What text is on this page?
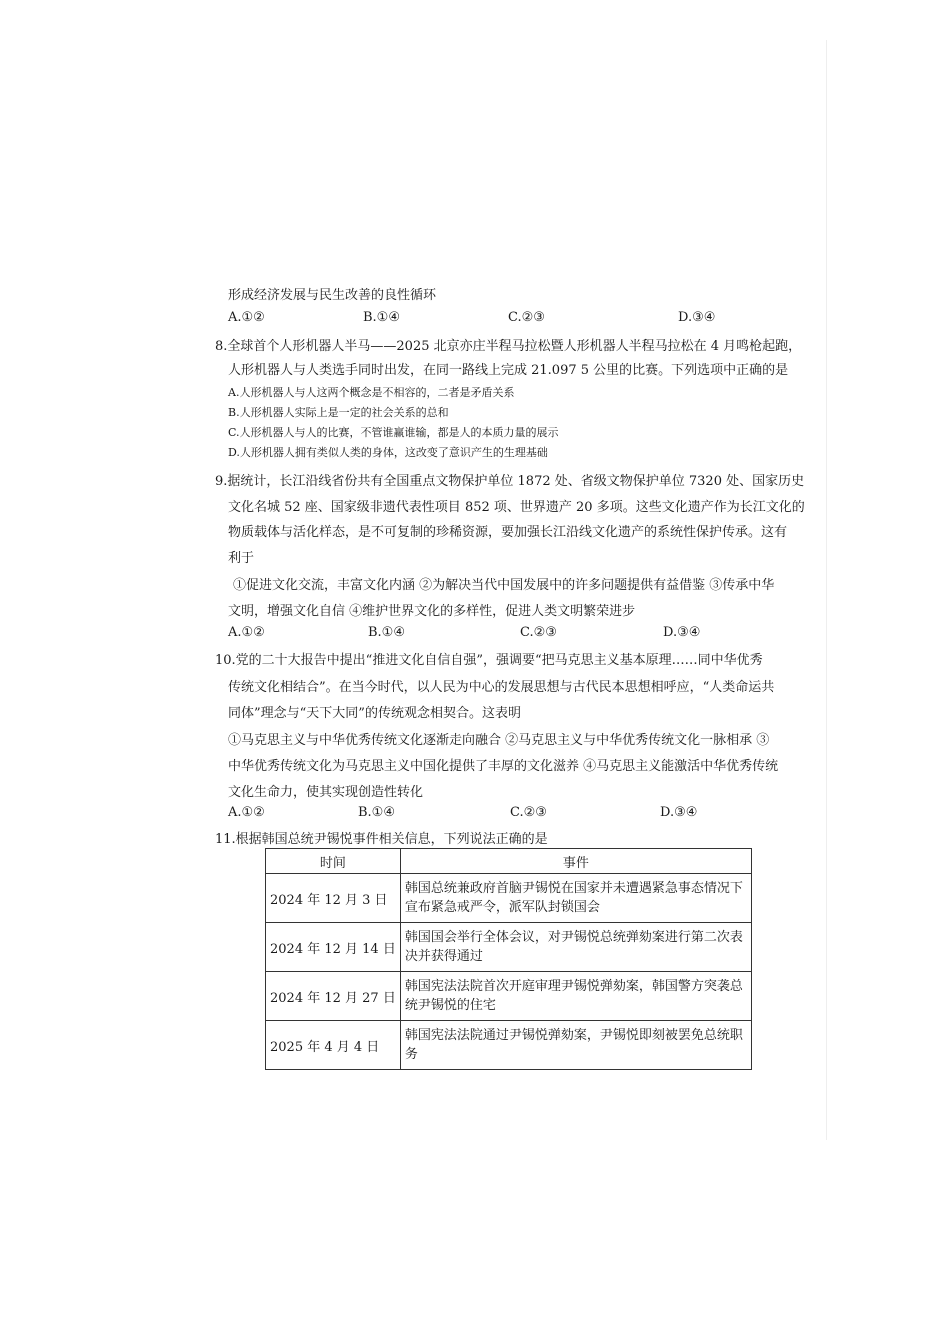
形成经济发展与民生改善的良性循环
A.①②	B.①④	C.②③	D.③④
8.全球首个人形机器人半马——2025 北京亦庄半程马拉松暨人形机器人半程马拉松在 4 月鸣枪起跑，
人形机器人与人类选手同时出发，在同一路线上完成 21.097 5 公里的比赛。下列选项中正确的是
A.人形机器人与人这两个概念是不相容的，二者是矛盾关系
B.人形机器人实际上是一定的社会关系的总和
C.人形机器人与人的比赛，不管谁赢谁输，都是人的本质力量的展示
D.人形机器人拥有类似人类的身体，这改变了意识产生的生理基础
9.据统计，长江沿线省份共有全国重点文物保护单位 1872 处、省级文物保护单位 7320 处、国家历史
文化名城 52 座、国家级非遗代表性项目 852 项、世界遗产 20 多项。这些文化遗产作为长江文化的
物质载体与活化样态，是不可复制的珍稀资源，要加强长江沿线文化遗产的系统性保护传承。这有
利于
①促进文化交流，丰富文化内涵 ②为解决当代中国发展中的许多问题提供有益借鉴 ③传承中华
文明，增强文化自信 ④维护世界文化的多样性，促进人类文明繁荣进步
A.①②	B.①④	C.②③	D.③④
10.党的二十大报告中提出“推进文化自信自强”，强调要“把马克思主义基本原理……同中华优秀
传统文化相结合”。在当今时代，以人民为中心的发展思想与古代民本思想相呼应，“人类命运共
同体”理念与“天下大同”的传统观念相契合。这表明
①马克思主义与中华优秀传统文化逐渐走向融合 ②马克思主义与中华优秀传统文化一脉相承 ③
中华优秀传统文化为马克思主义中国化提供了丰厚的文化滋养 ④马克思主义能激活中华优秀传统
文化生命力，使其实现创造性转化
A.①②	B.①④	C.②③	D.③④
11.根据韩国总统尹锡悦事件相关信息，下列说法正确的是
时间	事件
2024 年 12 月 3 日	韩国总统兼政府首脑尹锡悦在国家并未遭遇紧急事态情况下宣布紧急戒严令，派军队封锁国会
2024 年 12 月 14 日	韩国国会举行全体会议，对尹锡悦总统弹劾案进行第二次表决并获得通过
2024 年 12 月 27 日	韩国宪法法院首次开庭审理尹锡悦弹劾案，韩国警方突袭总统尹锡悦的住宅
2025 年 4 月 4 日	韩国宪法法院通过尹锡悦弹劾案，尹锡悦即刻被罢免总统职务
